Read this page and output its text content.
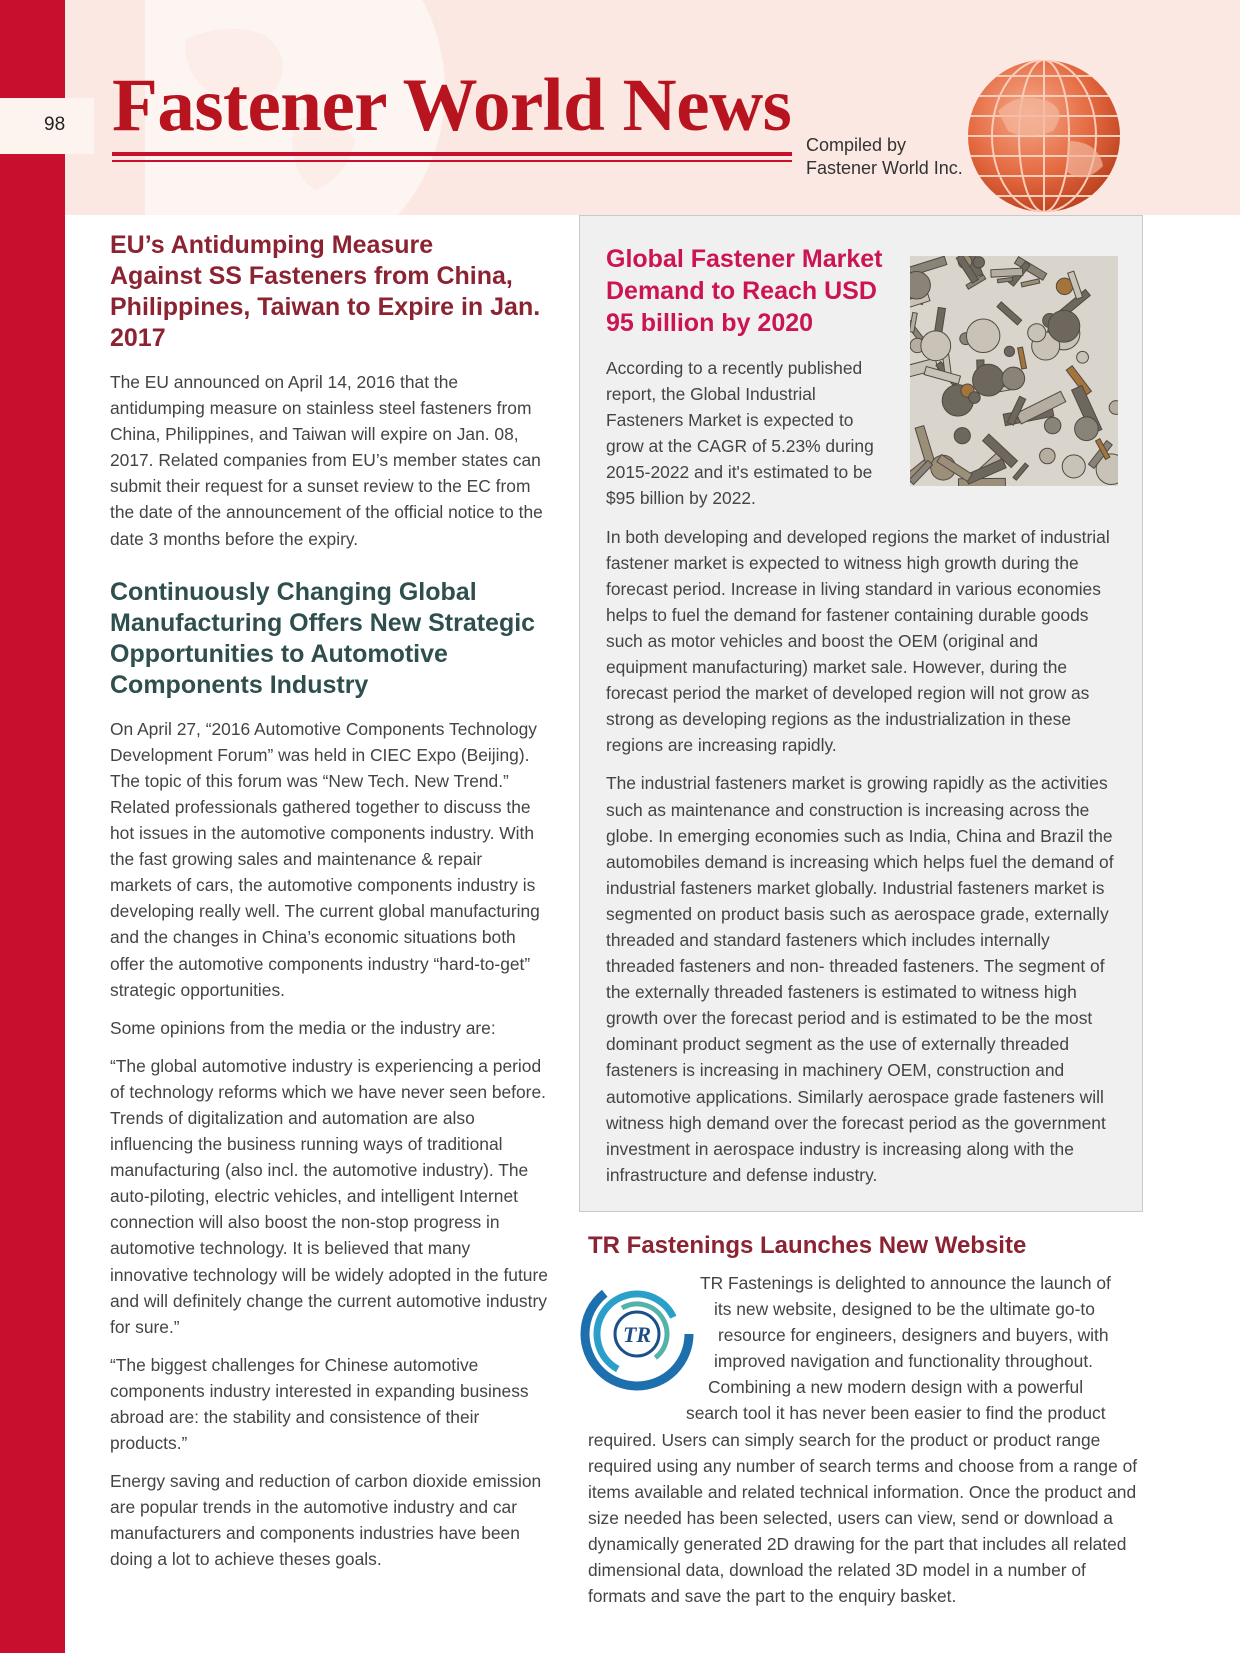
98 Fastener World News Compiled by
Fastener World Inc.
EU’s Antidumping Measure
Against SS Fasteners from China,
Philippines, Taiwan to Expire in Jan.
2017

The EU announced on April 14, 2016 that the antidumping measure on stainless steel fasteners from China, Philippines, and Taiwan will expire on Jan. 08, 2017. Related companies from EU’s member states can submit their request for a sunset review to the EC from the date of the announcement of the official notice to the date 3 months before the expiry.

Continuously Changing Global
Manufacturing Offers New Strategic
Opportunities to Automotive
Components Industry

On April 27, “2016 Automotive Components Technology Development Forum” was held in CIEC Expo (Beijing). The topic of this forum was “New Tech. New Trend.” Related professionals gathered together to discuss the hot issues in the automotive components industry. With the fast growing sales and maintenance & repair markets of cars, the automotive components industry is developing really well. The current global manufacturing and the changes in China’s economic situations both offer the automotive components industry “hard-to-get” strategic opportunities.

Some opinions from the media or the industry are:

“The global automotive industry is experiencing a period of technology reforms which we have never seen before. Trends of digitalization and automation are also influencing the business running ways of traditional manufacturing (also incl. the automotive industry). The auto-piloting, electric vehicles, and intelligent Internet connection will also boost the non-stop progress in automotive technology. It is believed that many innovative technology will be widely adopted in the future and will definitely change the current automotive industry for sure.”

“The biggest challenges for Chinese automotive components industry interested in expanding business abroad are: the stability and consistence of their products.”

Energy saving and reduction of carbon dioxide emission are popular trends in the automotive industry and car manufacturers and components industries have been doing a lot to achieve theses goals.

Global Fastener Market
Demand to Reach USD
95 billion by 2020

According to a recently published
report, the Global Industrial
Fasteners Market is expected to
grow at the CAGR of 5.23% during
2015-2022 and it's estimated to be
$95 billion by 2022.

In both developing and developed regions the market of industrial fastener market is expected to witness high growth during the forecast period. Increase in living standard in various economies helps to fuel the demand for fastener containing durable goods such as motor vehicles and boost the OEM (original and equipment manufacturing) market sale. However, during the forecast period the market of developed region will not grow as strong as developing regions as the industrialization in these regions are increasing rapidly.

The industrial fasteners market is growing rapidly as the activities such as maintenance and construction is increasing across the globe. In emerging economies such as India, China and Brazil the automobiles demand is increasing which helps fuel the demand of industrial fasteners market globally. Industrial fasteners market is segmented on product basis such as aerospace grade, externally threaded and standard fasteners which includes internally threaded fasteners and non- threaded fasteners. The segment of the externally threaded fasteners is estimated to witness high growth over the forecast period and is estimated to be the most dominant product segment as the use of externally threaded fasteners is increasing in machinery OEM, construction and automotive applications. Similarly aerospace grade fasteners will witness high demand over the forecast period as the government investment in aerospace industry is increasing along with the infrastructure and defense industry.

TR
TR Fastenings Launches New Website

TR Fastenings is delighted to announce the launch of
its new website, designed to be the ultimate go-to
resource for engineers, designers and buyers, with
improved navigation and functionality throughout.
Combining a new modern design with a powerful
search tool it has never been easier to find the product
required. Users can simply search for the product or product range required using any number of search terms and choose from a range of items available and related technical information. Once the product and size needed has been selected, users can view, send or download a dynamically generated 2D drawing for the part that includes all related dimensional data, download the related 3D model in a number of formats and save the part to the enquiry basket.
